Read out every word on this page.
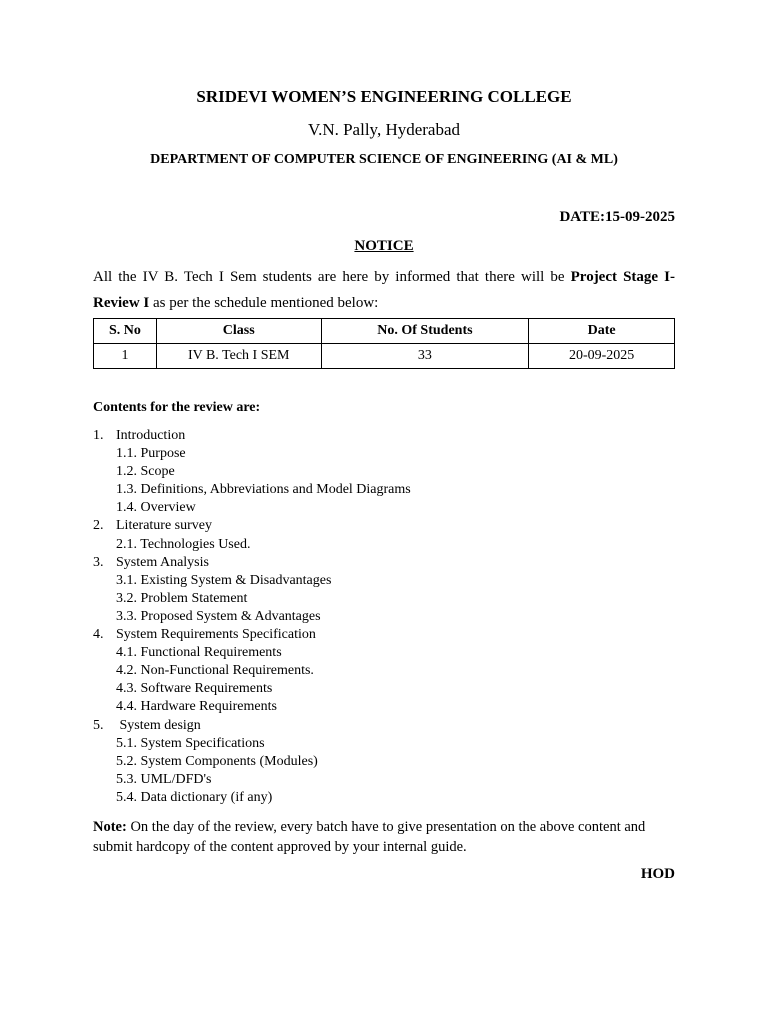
SRIDEVI WOMEN’S ENGINEERING COLLEGE
V.N. Pally, Hyderabad
DEPARTMENT OF COMPUTER SCIENCE OF ENGINEERING (AI & ML)
DATE:15-09-2025
NOTICE
All the IV B. Tech I Sem students are here by informed that there will be Project Stage I-Review I as per the schedule mentioned below:
S. No	Class	No. Of Students	Date
1	IV B. Tech I SEM	33	20-09-2025
Contents for the review are:
1. Introduction
1.1. Purpose
1.2. Scope
1.3. Definitions, Abbreviations and Model Diagrams
1.4. Overview
2. Literature survey
2.1. Technologies Used.
3. System Analysis
3.1. Existing System & Disadvantages
3.2. Problem Statement
3.3. Proposed System & Advantages
4. System Requirements Specification
4.1. Functional Requirements
4.2. Non-Functional Requirements.
4.3. Software Requirements
4.4. Hardware Requirements
5. System design
5.1. System Specifications
5.2. System Components (Modules)
5.3. UML/DFD's
5.4. Data dictionary (if any)
Note: On the day of the review, every batch have to give presentation on the above content and submit hardcopy of the content approved by your internal guide.
HOD
